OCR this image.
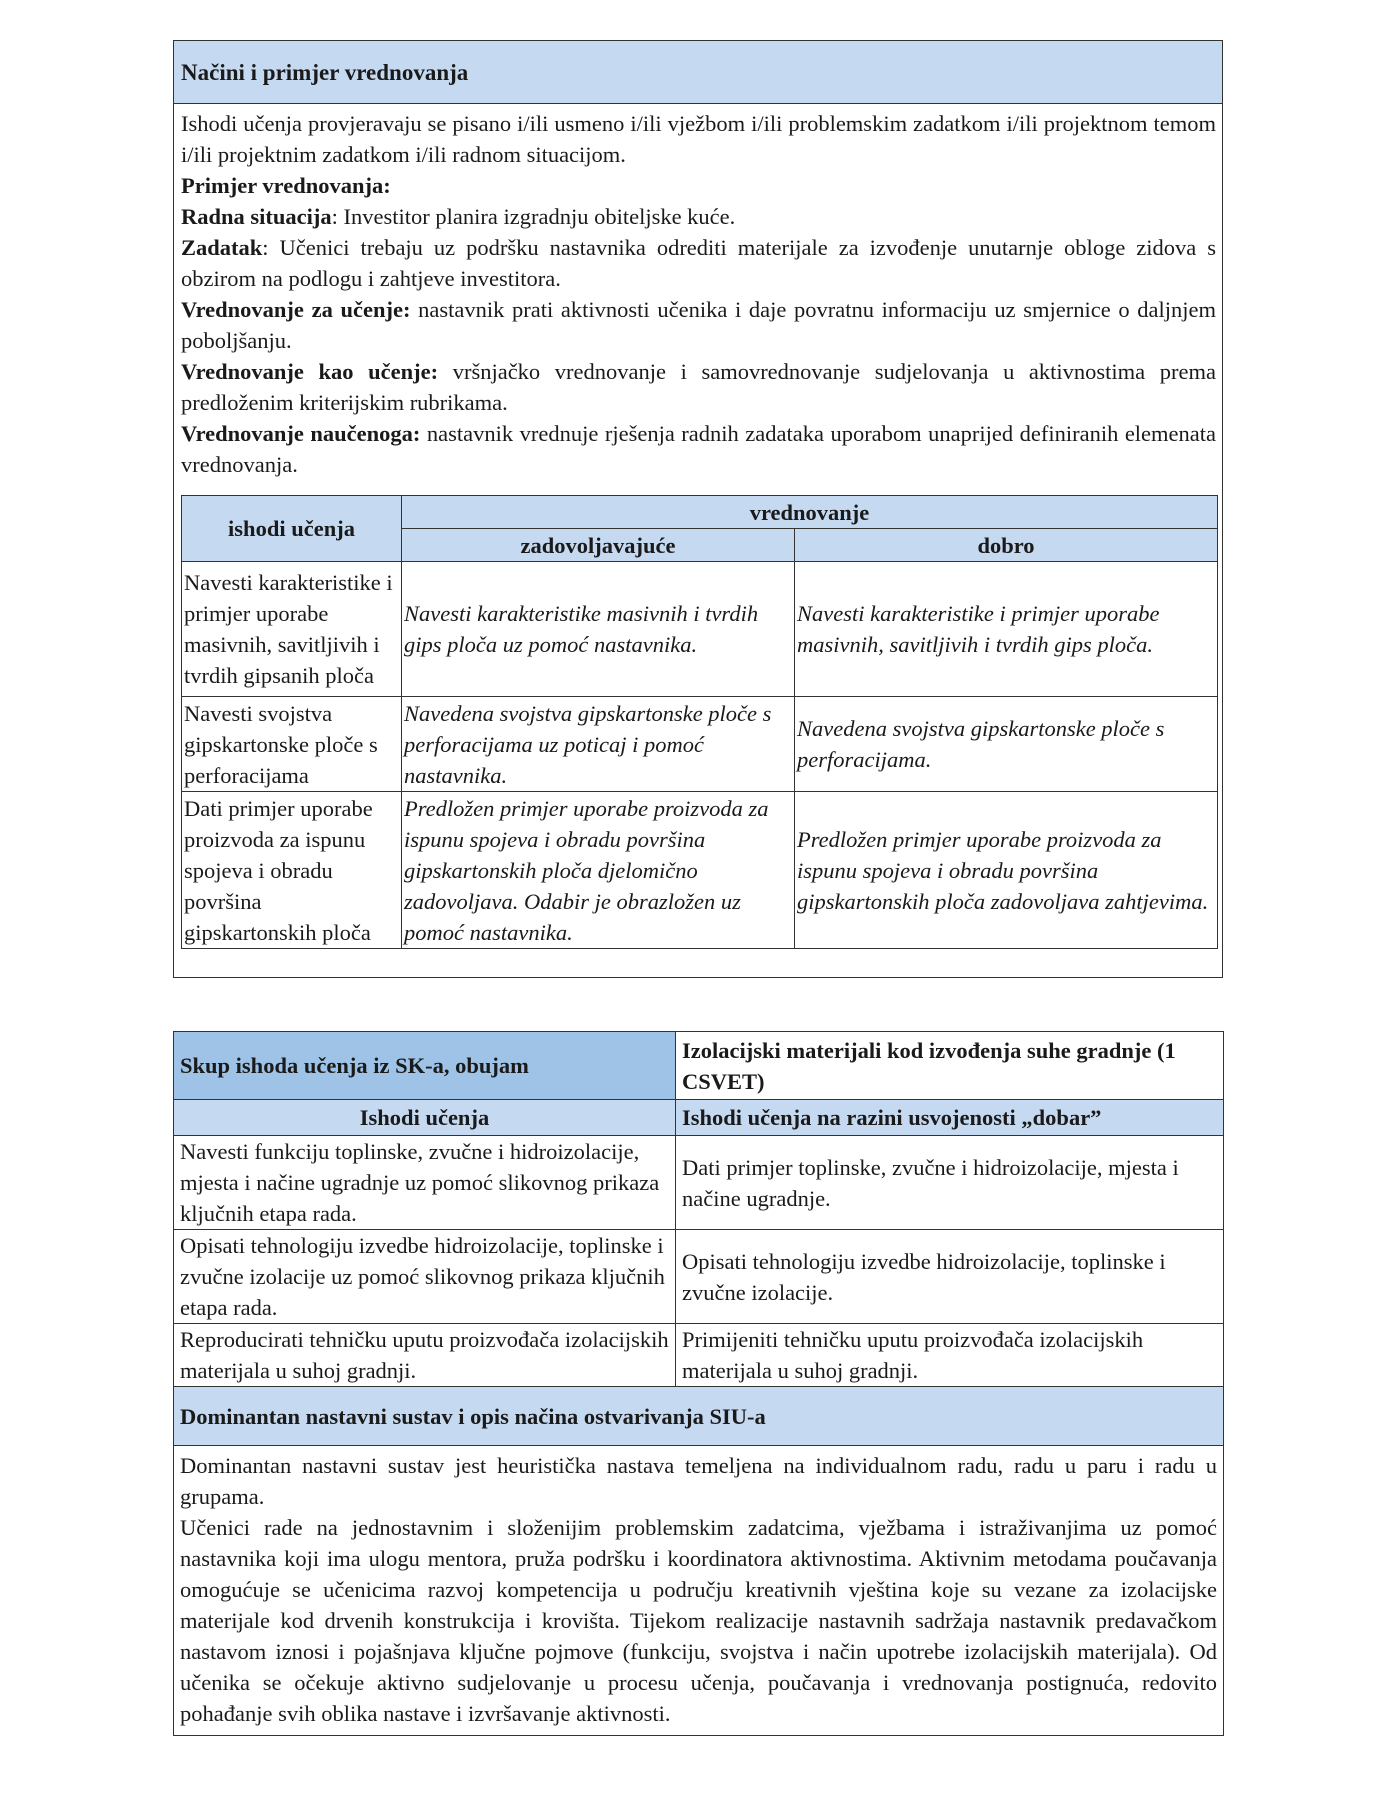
Načini i primjer vrednovanja

Ishodi učenja provjeravaju se pisano i/ili usmeno i/ili vježbom i/ili problemskim zadatkom i/ili projektnom temom i/ili projektnim zadatkom i/ili radnom situacijom.

Primjer vrednovanja:

Radna situacija: Investitor planira izgradnju obiteljske kuće.

Zadatak: Učenici trebaju uz podršku nastavnika odrediti materijale za izvođenje unutarnje obloge zidova s obzirom na podlogu i zahtjeve investitora.

Vrednovanje za učenje: nastavnik prati aktivnosti učenika i daje povratnu informaciju uz smjernice o daljnjem poboljšanju.

Vrednovanje kao učenje: vršnjačko vrednovanje i samovrednovanje sudjelovanja u aktivnostima prema predloženim kriterijskim rubrikama.

Vrednovanje naučenoga: nastavnik vrednuje rješenja radnih zadataka uporabom unaprijed definiranih elemenata vrednovanja.

ishodi učenja	vrednovanje	
	zadovoljavajuće	dobro
Navesti karakteristike i primjer uporabe masivnih, savitljivih i tvrdih gipsanih ploča	Navesti karakteristike masivnih i tvrdih gips ploča uz pomoć nastavnika.	Navesti karakteristike i primjer uporabe masivnih, savitljivih i tvrdih gips ploča.
Navesti svojstva gipskartonske ploče s perforacijama	Navedena svojstva gipskartonske ploče s perforacijama uz poticaj i pomoć nastavnika.	Navedena svojstva gipskartonske ploče s perforacijama.
Dati primjer uporabe proizvoda za ispunu spojeva i obradu površina gipskartonskih ploča	Predložen primjer uporabe proizvoda za ispunu spojeva i obradu površina gipskartonskih ploča djelomično zadovoljava. Odabir je obrazložen uz pomoć nastavnika.	Predložen primjer uporabe proizvoda za ispunu spojeva i obradu površina gipskartonskih ploča zadovoljava zahtjevima.
Skup ishoda učenja iz SK-a, obujam	Izolacijski materijali kod izvođenja suhe gradnje (1 CSVET)
Ishodi učenja	Ishodi učenja na razini usvojenosti „dobar”
Navesti funkciju toplinske, zvučne i hidroizolacije, mjesta i načine ugradnje uz pomoć slikovnog prikaza ključnih etapa rada.	Dati primjer toplinske, zvučne i hidroizolacije, mjesta i načine ugradnje.
Opisati tehnologiju izvedbe hidroizolacije, toplinske i zvučne izolacije uz pomoć slikovnog prikaza ključnih etapa rada.	Opisati tehnologiju izvedbe hidroizolacije, toplinske i zvučne izolacije.
Reproducirati tehničku uputu proizvođača izolacijskih materijala u suhoj gradnji.	Primijeniti tehničku uputu proizvođača izolacijskih materijala u suhoj gradnji.
Dominantan nastavni sustav i opis načina ostvarivanja SIU-a	

Dominantan nastavni sustav jest heuristička nastava temeljena na individualnom radu, radu u paru i radu u grupama.
Učenici rade na jednostavnim i složenijim problemskim zadatcima, vježbama i istraživanjima uz pomoć nastavnika koji ima ulogu mentora, pruža podršku i koordinatora aktivnostima. Aktivnim metodama poučavanja omogućuje se učenicima razvoj kompetencija u području kreativnih vještina koje su vezane za izolacijske materijale kod drvenih konstrukcija i krovišta. Tijekom realizacije nastavnih sadržaja nastavnik predavačkom nastavom iznosi i pojašnjava ključne pojmove (funkciju, svojstva i način upotrebe izolacijskih materijala). Od učenika se očekuje aktivno sudjelovanje u procesu učenja, poučavanja i vrednovanja postignuća, redovito pohađanje svih oblika nastave i izvršavanje aktivnosti.	
